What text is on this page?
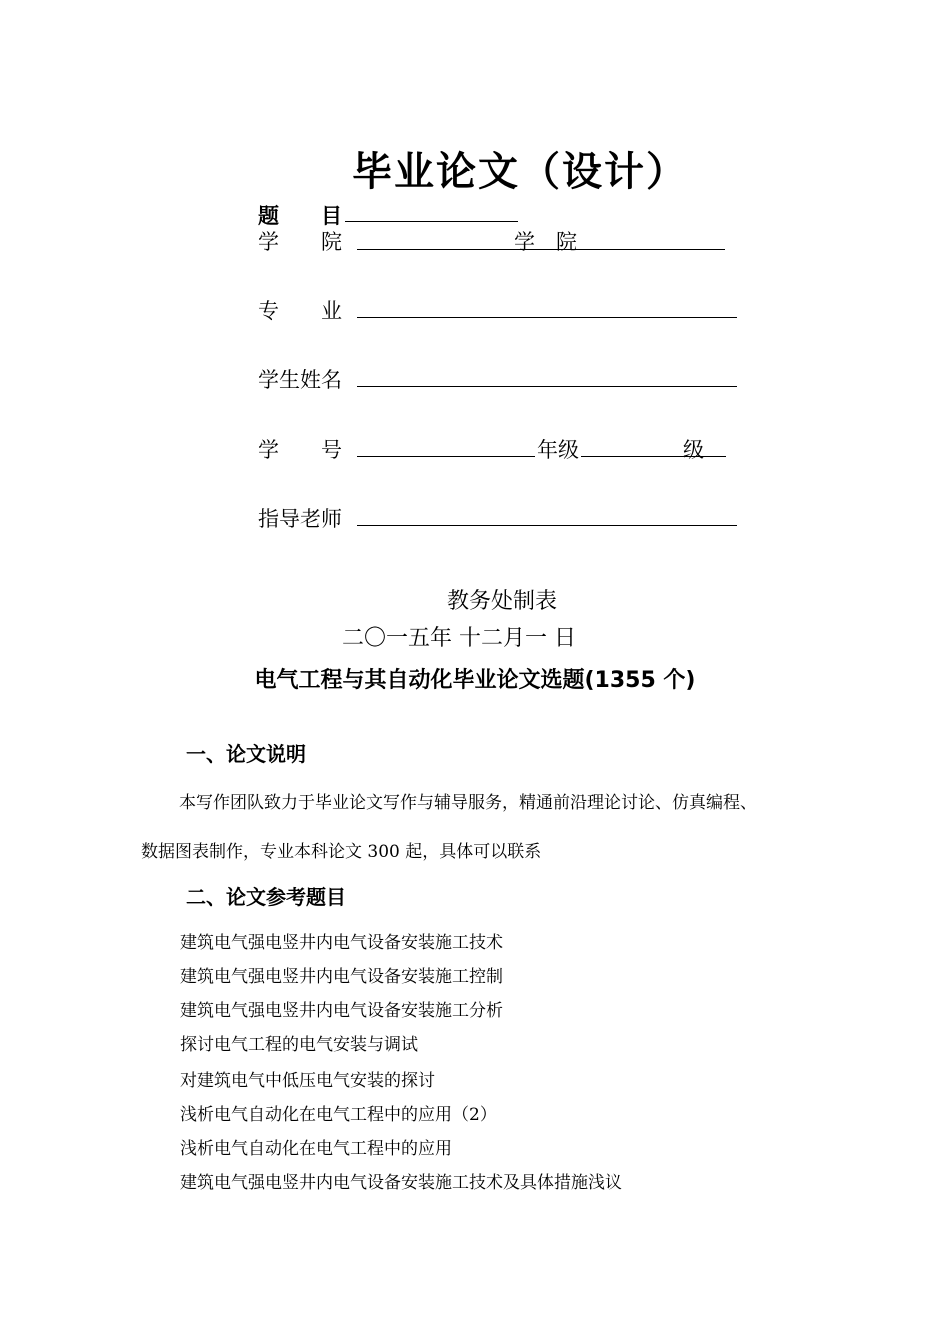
毕业论文（设计）
题　　目
学　　院	学　院
专　　业
学生姓名
学　　号	年级	级
指导老师
教务处制表
二〇一五年 十二月一 日
电气工程与其自动化毕业论文选题(1355 个)
一、论文说明
本写作团队致力于毕业论文写作与辅导服务，精通前沿理论讨论、仿真编程、
数据图表制作，专业本科论文 300 起，具体可以联系
二、论文参考题目
建筑电气强电竖井内电气设备安装施工技术
建筑电气强电竖井内电气设备安装施工控制
建筑电气强电竖井内电气设备安装施工分析
探讨电气工程的电气安装与调试
对建筑电气中低压电气安装的探讨
浅析电气自动化在电气工程中的应用（2）
浅析电气自动化在电气工程中的应用
建筑电气强电竖井内电气设备安装施工技术及具体措施浅议
